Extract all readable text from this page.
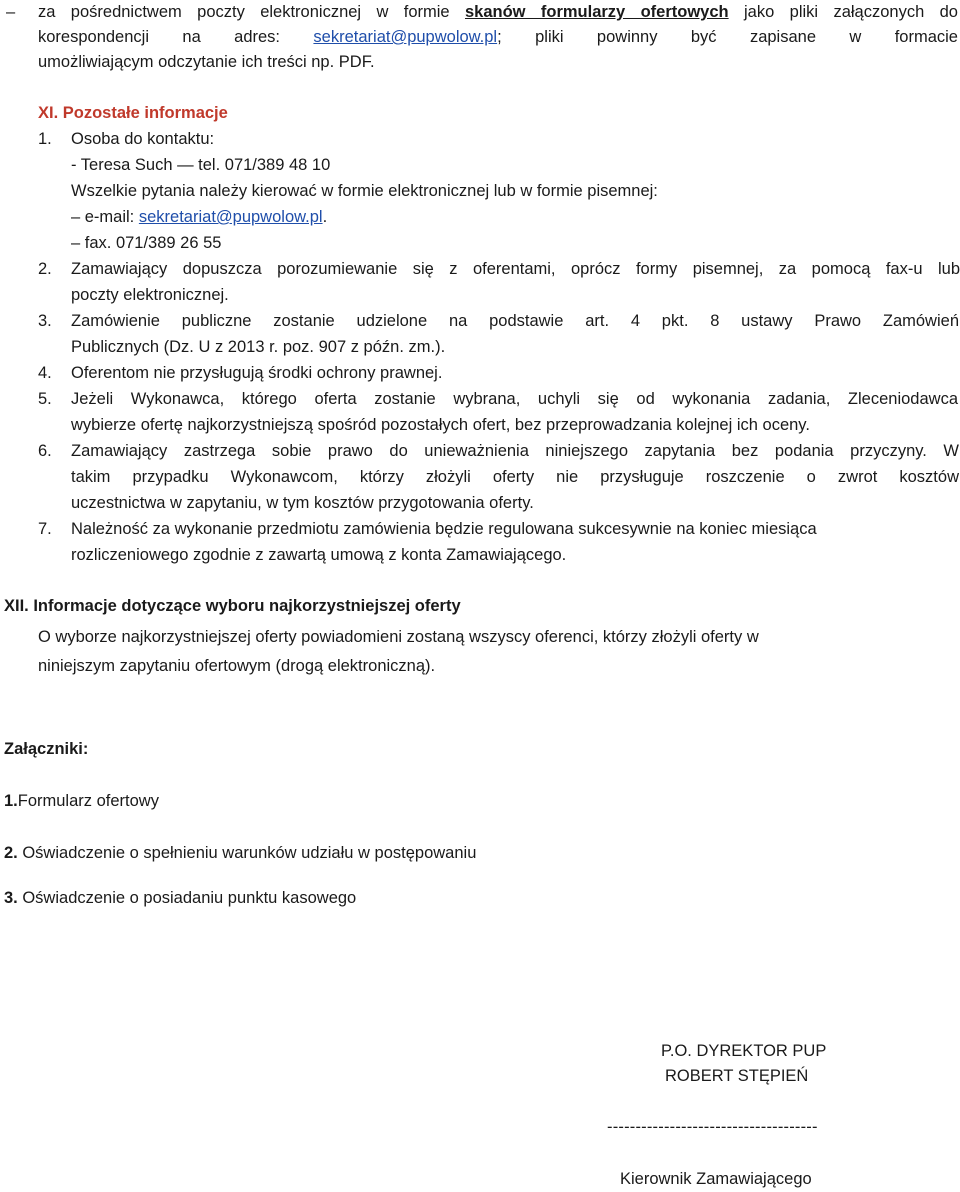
– za pośrednictwem poczty elektronicznej w formie skanów formularzy ofertowych jako pliki załączonych do
korespondencji na adres: sekretariat@pupwolow.pl; pliki powinny być zapisane w formacie
umożliwiającym odczytanie ich treści np. PDF.
XI. Pozostałe informacje
1. Osoba do kontaktu:
- Teresa Such — tel. 071/389 48 10
Wszelkie pytania należy kierować w formie elektronicznej lub w formie pisemnej:
– e-mail: sekretariat@pupwolow.pl.
– fax. 071/389 26 55
2. Zamawiający dopuszcza porozumiewanie się z oferentami, oprócz formy pisemnej, za pomocą fax-u lub
poczty elektronicznej.
3. Zamówienie publiczne zostanie udzielone na podstawie art. 4 pkt. 8 ustawy Prawo Zamówień
Publicznych (Dz. U z 2013 r. poz. 907 z późn. zm.).
4. Oferentom nie przysługują środki ochrony prawnej.
5. Jeżeli Wykonawca, którego oferta zostanie wybrana, uchyli się od wykonania zadania, Zleceniodawca
wybierze ofertę najkorzystniejszą spośród pozostałych ofert, bez przeprowadzania kolejnej ich oceny.
6. Zamawiający zastrzega sobie prawo do unieważnienia niniejszego zapytania bez podania przyczyny. W
takim przypadku Wykonawcom, którzy złożyli oferty nie przysługuje roszczenie o zwrot kosztów
uczestnictwa w zapytaniu, w tym kosztów przygotowania oferty.
7. Należność za wykonanie przedmiotu zamówienia będzie regulowana sukcesywnie na koniec miesiąca
rozliczeniowego zgodnie z zawartą umową z konta Zamawiającego.
XII. Informacje dotyczące wyboru najkorzystniejszej oferty
O wyborze najkorzystniejszej oferty powiadomieni zostaną wszyscy oferenci, którzy złożyli oferty w
niniejszym zapytaniu ofertowym (drogą elektroniczną).
Załączniki:
1.Formularz ofertowy
2. Oświadczenie o spełnieniu warunków udziału w postępowaniu
3. Oświadczenie o posiadaniu punktu kasowego
P.O. DYREKTOR PUP
ROBERT STĘPIEŃ
-------------------------------------
Kierownik Zamawiającego
